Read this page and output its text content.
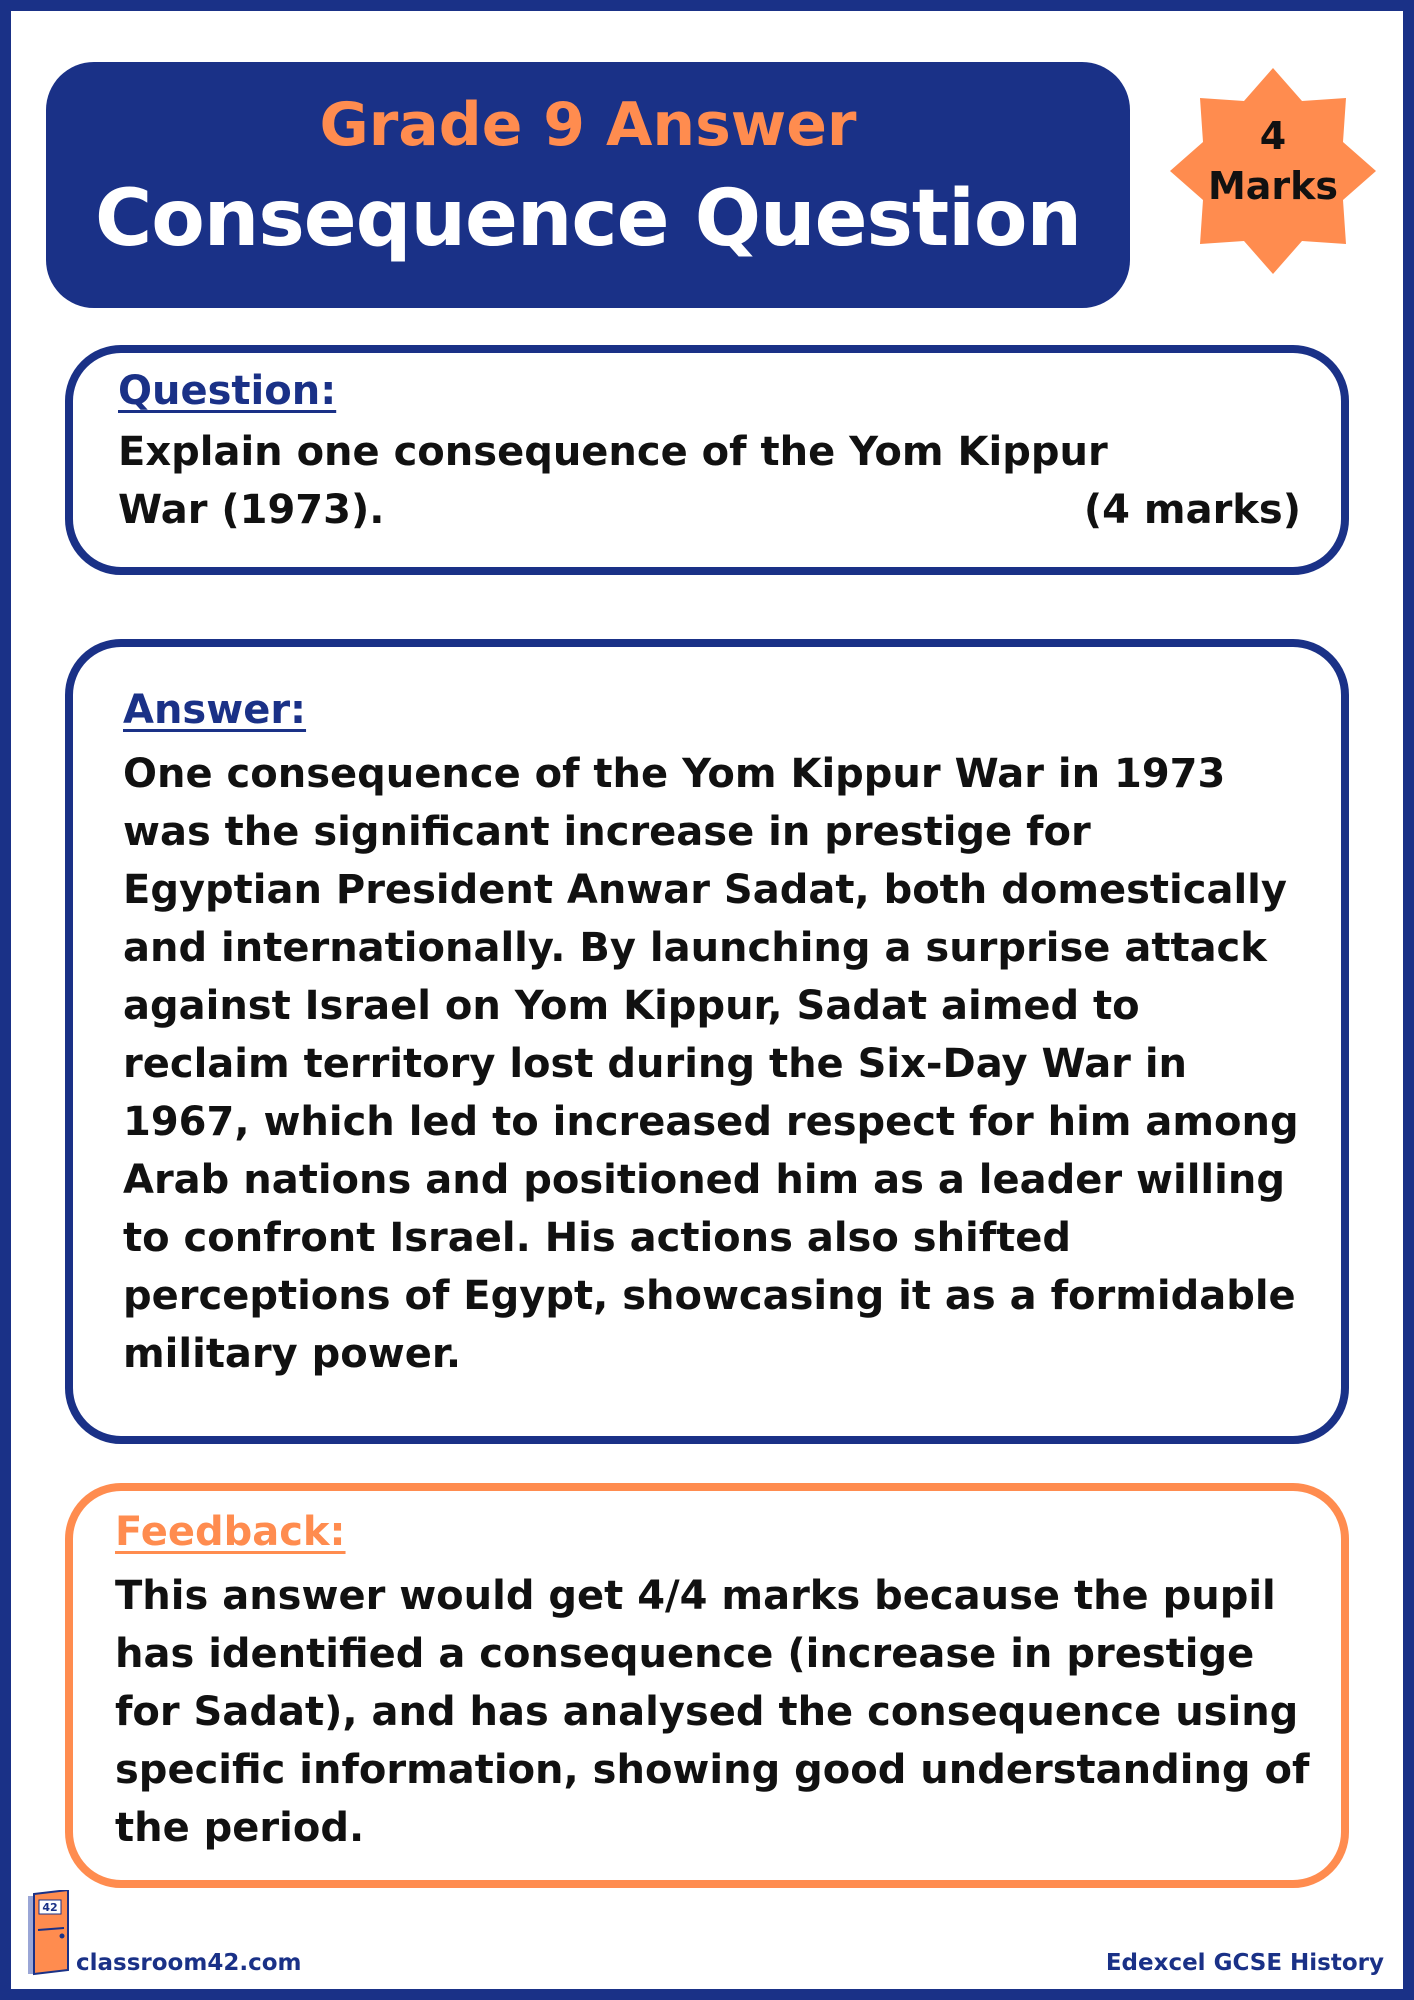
Grade 9 Answer
Consequence Question
4
Marks
Question:
Explain one consequence of the Yom Kippur War (1973).	(4 marks)
Answer:
One consequence of the Yom Kippur War in 1973 was the significant increase in prestige for Egyptian President Anwar Sadat, both domestically and internationally. By launching a surprise attack against Israel on Yom Kippur, Sadat aimed to reclaim territory lost during the Six-Day War in 1967, which led to increased respect for him among Arab nations and positioned him as a leader willing to confront Israel. His actions also shifted perceptions of Egypt, showcasing it as a formidable military power.
Feedback:
This answer would get 4/4 marks because the pupil has identified a consequence (increase in prestige for Sadat), and has analysed the consequence using specific information, showing good understanding of the period.
42
classroom42.com	Edexcel GCSE History
